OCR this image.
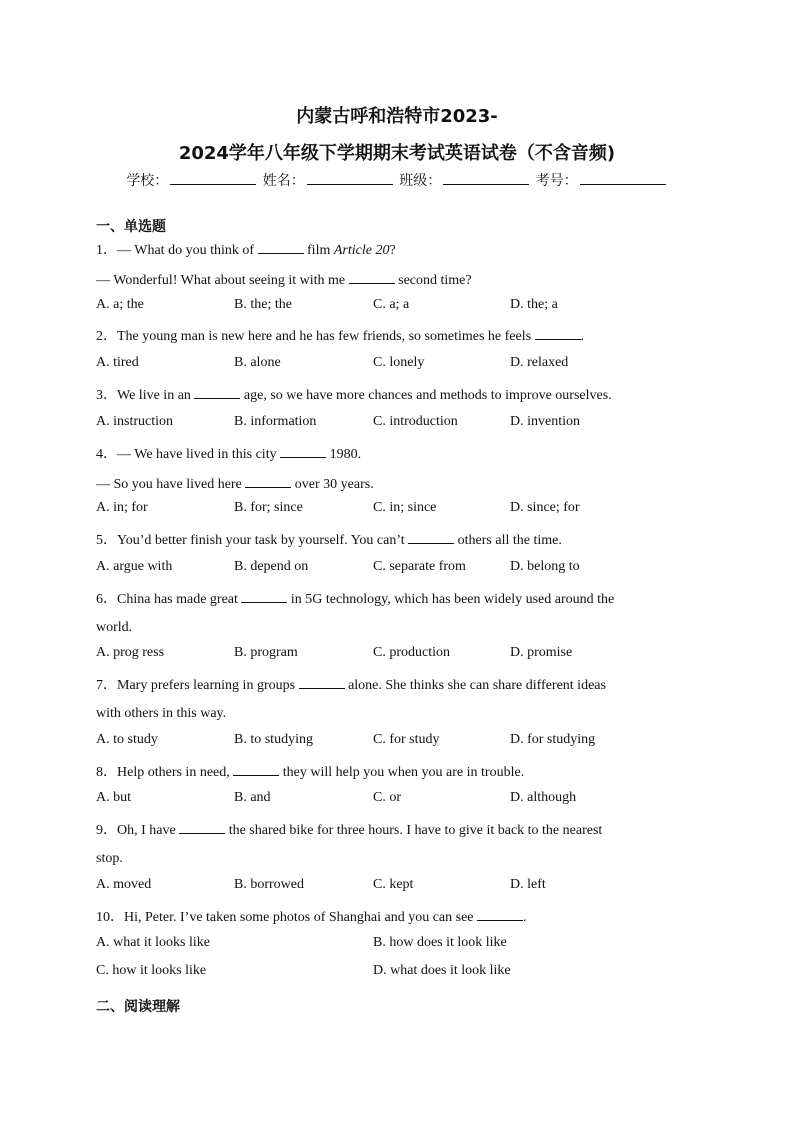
内蒙古呼和浩特市2023-
2024学年八年级下学期期末考试英语试卷（不含音频)
学校：	姓名：	班级：	考号：
一、单选题
1．— What do you think of	film Article 20?
— Wonderful! What about seeing it with me	second time?
A. a; the	B. the; the	C. a; a	D. the; a
2．The young man is new here and he has few friends, so sometimes he feels	.
A. tired	B. alone	C. lonely	D. relaxed
3．We live in an	age, so we have more chances and methods to improve ourselves.
A. instruction	B. information	C. introduction	D. invention
4．— We have lived in this city	1980.
— So you have lived here	over 30 years.
A. in; for	B. for; since	C. in; since	D. since; for
5．You’d better finish your task by yourself. You can’t	others all the time.
A. argue with	B. depend on	C. separate from	D. belong to
6．China has made great	in 5G technology, which has been widely used around the
world.
A. prog ress	B. program	C. production	D. promise
7．Mary prefers learning in groups	alone. She thinks she can share different ideas
with others in this way.
A. to study	B. to studying	C. for study	D. for studying
8．Help others in need,	they will help you when you are in trouble.
A. but	B. and	C. or	D. although
9．Oh, I have	the shared bike for three hours. I have to give it back to the nearest
stop.
A. moved	B. borrowed	C. kept	D. left
10．Hi, Peter. I’ve taken some photos of Shanghai and you can see	.
A. what it looks like	B. how does it look like
C. how it looks like	D. what does it look like
二、阅读理解
